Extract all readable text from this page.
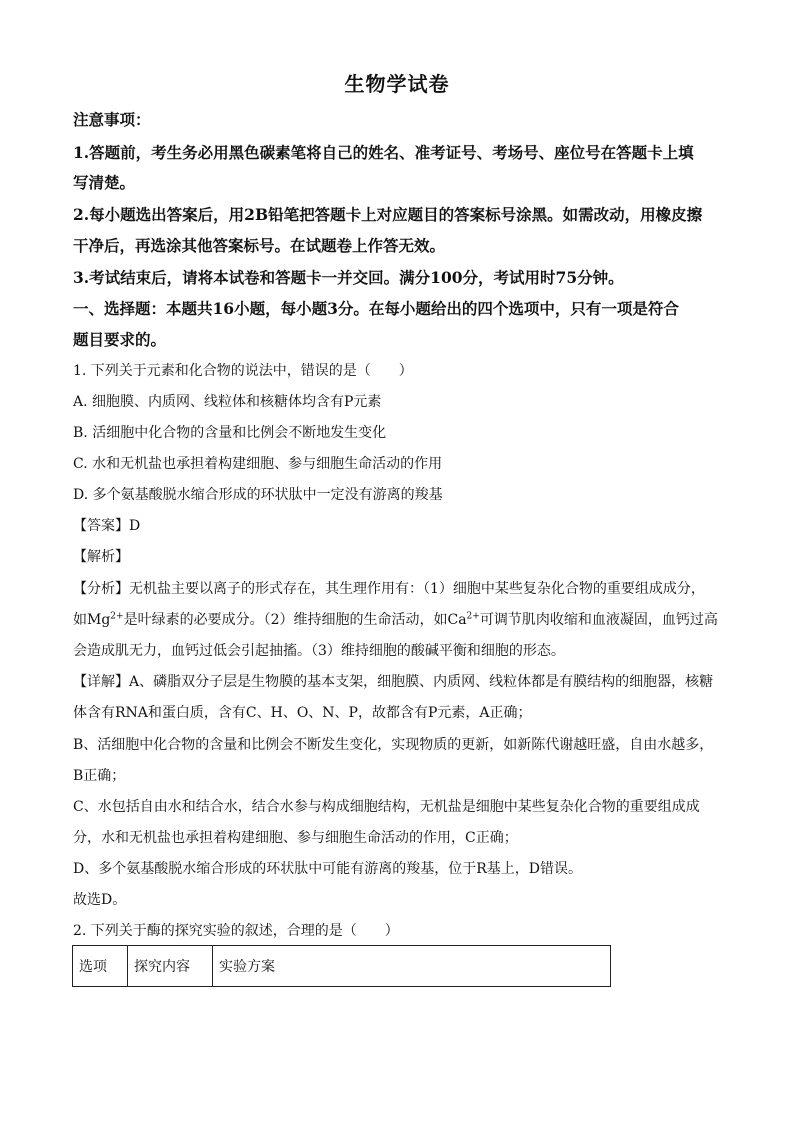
生物学试卷
注意事项：
1.答题前，考生务必用黑色碳素笔将自己的姓名、准考证号、考场号、座位号在答题卡上填
写清楚。
2.每小题选出答案后，用2B铅笔把答题卡上对应题目的答案标号涂黑。如需改动，用橡皮擦
干净后，再选涂其他答案标号。在试题卷上作答无效。
3.考试结束后，请将本试卷和答题卡一并交回。满分100分，考试用时75分钟。
一、选择题：本题共16小题，每小题3分。在每小题给出的四个选项中，只有一项是符合
题目要求的。
1. 下列关于元素和化合物的说法中，错误的是（　　）
A. 细胞膜、内质网、线粒体和核糖体均含有P元素
B. 活细胞中化合物的含量和比例会不断地发生变化
C. 水和无机盐也承担着构建细胞、参与细胞生命活动的作用
D. 多个氨基酸脱水缩合形成的环状肽中一定没有游离的羧基
【答案】D
【解析】
【分析】无机盐主要以离子的形式存在，其生理作用有：（1）细胞中某些复杂化合物的重要组成成分，
如$Mg^{2+}$是叶绿素的必要成分。（2）维持细胞的生命活动，如$Ca^{2+}$可调节肌肉收缩和血液凝固，血钙过高
会造成肌无力，血钙过低会引起抽搐。（3）维持细胞的酸碱平衡和细胞的形态。
【详解】A、磷脂双分子层是生物膜的基本支架，细胞膜、内质网、线粒体都是有膜结构的细胞器，核糖
体含有RNA和蛋白质，含有C、H、O、N、P，故都含有P元素，A正确；
B、活细胞中化合物的含量和比例会不断发生变化，实现物质的更新，如新陈代谢越旺盛，自由水越多，
B正确；
C、水包括自由水和结合水，结合水参与构成细胞结构，无机盐是细胞中某些复杂化合物的重要组成成
分，水和无机盐也承担着构建细胞、参与细胞生命活动的作用，C正确；
D、多个氨基酸脱水缩合形成的环状肽中可能有游离的羧基，位于R基上，D错误。
故选D。
2. 下列关于酶的探究实验的叙述，合理的是（　　）
选项	探究内容	实验方案
